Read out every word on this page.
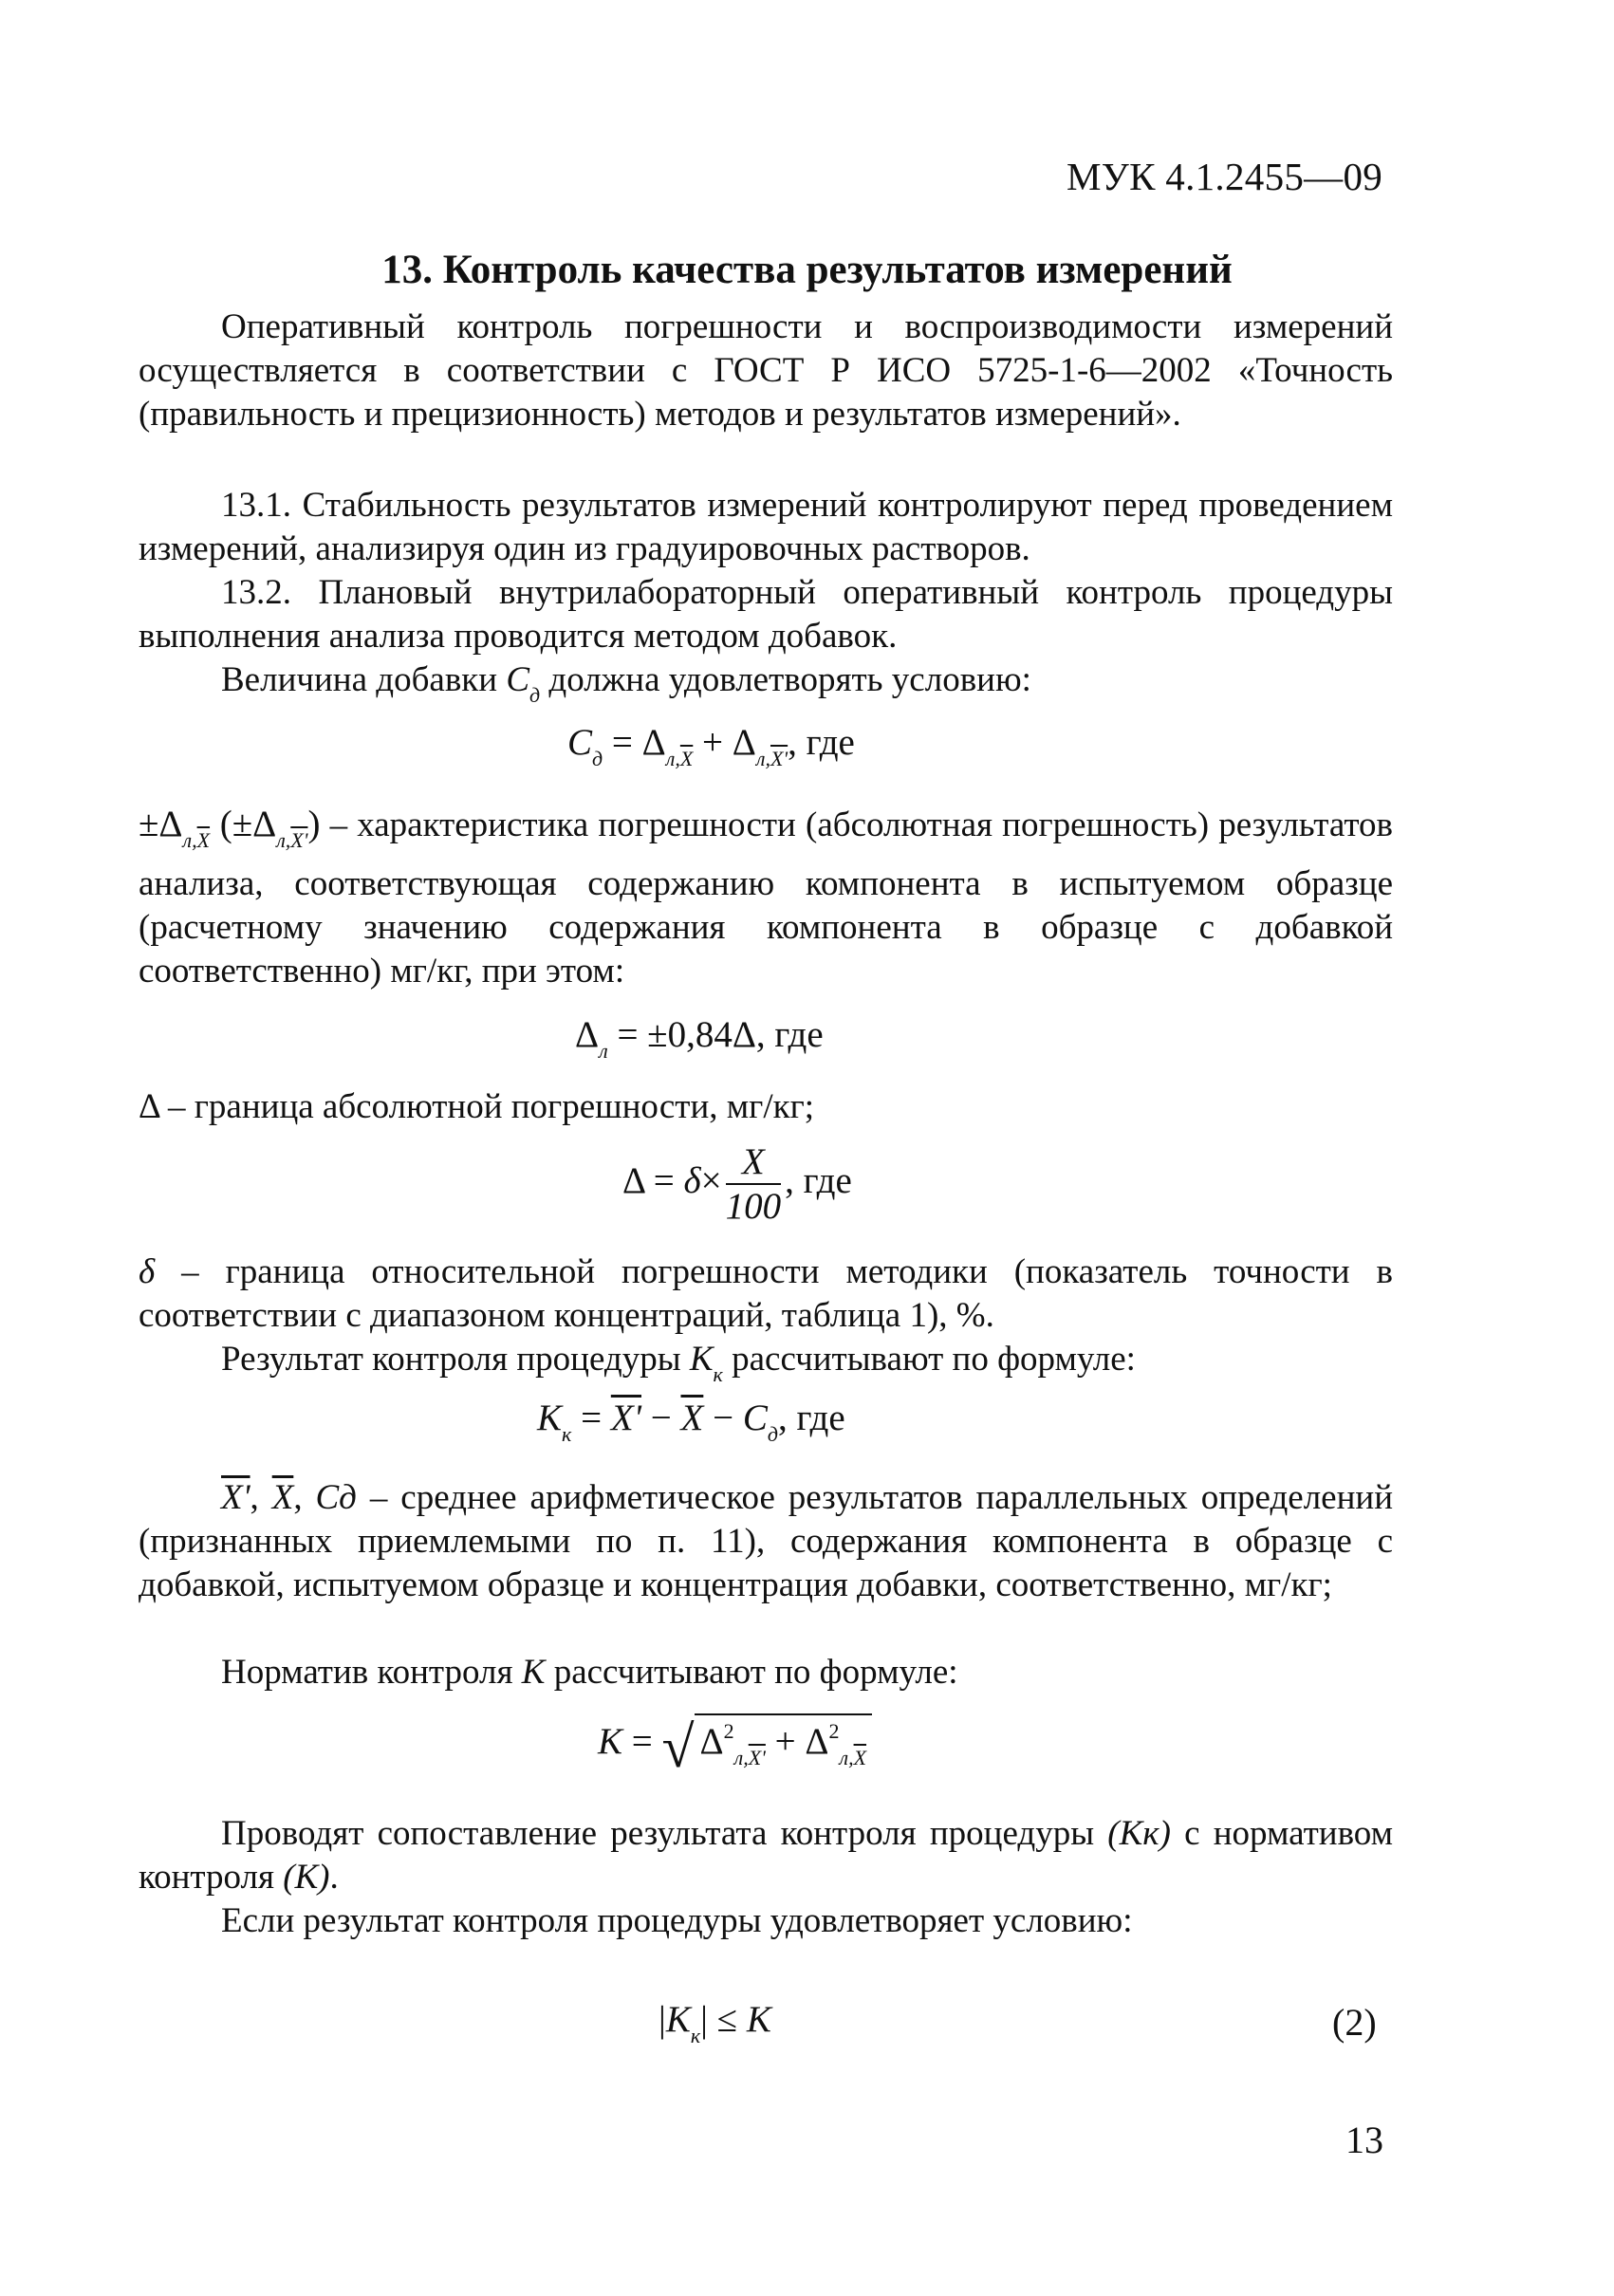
МУК 4.1.2455—09
13. Контроль качества результатов измерений
Оперативный контроль погрешности и воспроизводимости измерений осуществляется в соответствии с ГОСТ Р ИСО 5725-1-6—2002 «Точность (правильность и прецизионность) методов и результатов измерений».
13.1. Стабильность результатов измерений контролируют перед проведением измерений, анализируя один из градуировочных растворов.
13.2. Плановый внутрилабораторный оперативный контроль процедуры выполнения анализа проводится методом добавок.
Величина добавки $C_д$ должна удовлетворять условию:
$C_д = \Delta_{л,\overline{X}} + \Delta_{л,X'}$, где
$\pm\Delta_{л,\overline{X}}$ $(\pm\Delta_{л,X'})$ – характеристика погрешности (абсолютная погрешность) результатов анализа, соответствующая содержанию компонента в испытуемом образце (расчетному значению содержания компонента в образце с добавкой соответственно) мг/кг, при этом:
$\Delta_л = \pm 0,84\Delta$, где
Δ – граница абсолютной погрешности, мг/кг;
$\Delta = \delta\times \frac{X}{100}$ , где
δ – граница относительной погрешности методики (показатель точности в соответствии с диапазоном концентраций, таблица 1), %.
Результат контроля процедуры $K_к$ рассчитывают по формуле:
$K_к = X' - \overline{X} - C_д$, где
X', $\overline{X}$, Cд – среднее арифметическое результатов параллельных определений (признанных приемлемыми по п. 11), содержания компонента в образце с добавкой, испытуемом образце и концентрация добавки, соответственно, мг/кг;
Норматив контроля K рассчитывают по формуле:
K = √ $\Delta^2_{л,X'} + \Delta^2_{л,\overline{X}}$
Проводят сопоставление результата контроля процедуры (Kк) с нормативом контроля (К).
Если результат контроля процедуры удовлетворяет условию:
$|K_к| \le K$	(2)
13
